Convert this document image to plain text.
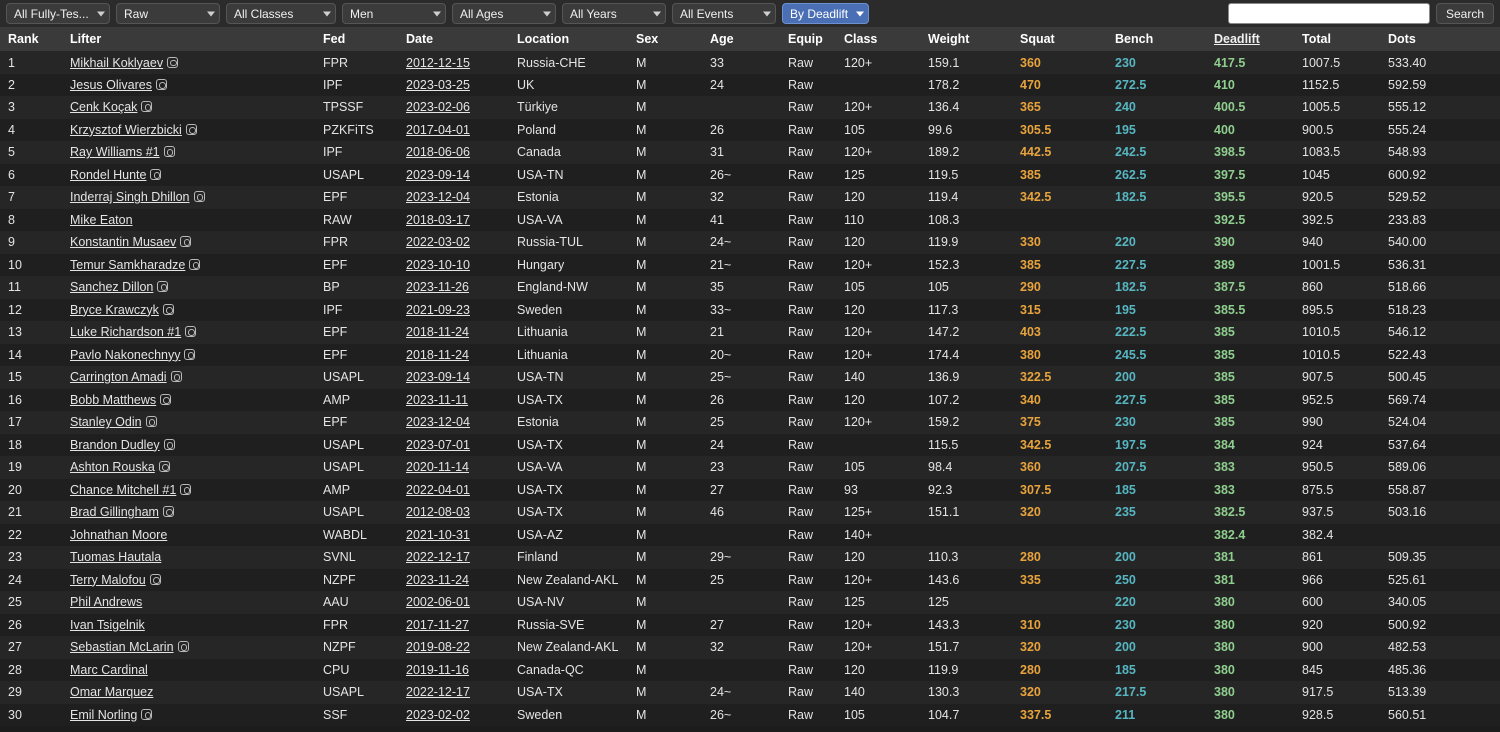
All Fully-Tes...	Raw	All Classes	Men	All Ages	All Years	All Events	By Deadlift	Search
Rank	Lifter	Fed	Date	Location	Sex	Age	Equip	Class	Weight	Squat	Bench	Deadlift	Total	Dots
1	Mikhail Koklyaev	FPR	2012-12-15	Russia-CHE	M	33	Raw	120+	159.1	360	230	417.5	1007.5	533.40
2	Jesus Olivares	IPF	2023-03-25	UK	M	24	Raw		178.2	470	272.5	410	1152.5	592.59
3	Cenk Koçak	TPSSF	2023-02-06	Türkiye	M		Raw	120+	136.4	365	240	400.5	1005.5	555.12
4	Krzysztof Wierzbicki	PZKFiTS	2017-04-01	Poland	M	26	Raw	105	99.6	305.5	195	400	900.5	555.24
5	Ray Williams #1	IPF	2018-06-06	Canada	M	31	Raw	120+	189.2	442.5	242.5	398.5	1083.5	548.93
6	Rondel Hunte	USAPL	2023-09-14	USA-TN	M	26~	Raw	125	119.5	385	262.5	397.5	1045	600.92
7	Inderraj Singh Dhillon	EPF	2023-12-04	Estonia	M	32	Raw	120	119.4	342.5	182.5	395.5	920.5	529.52
8	Mike Eaton	RAW	2018-03-17	USA-VA	M	41	Raw	110	108.3			392.5	392.5	233.83
9	Konstantin Musaev	FPR	2022-03-02	Russia-TUL	M	24~	Raw	120	119.9	330	220	390	940	540.00
10	Temur Samkharadze	EPF	2023-10-10	Hungary	M	21~	Raw	120+	152.3	385	227.5	389	1001.5	536.31
11	Sanchez Dillon	BP	2023-11-26	England-NW	M	35	Raw	105	105	290	182.5	387.5	860	518.66
12	Bryce Krawczyk	IPF	2021-09-23	Sweden	M	33~	Raw	120	117.3	315	195	385.5	895.5	518.23
13	Luke Richardson #1	EPF	2018-11-24	Lithuania	M	21	Raw	120+	147.2	403	222.5	385	1010.5	546.12
14	Pavlo Nakonechnyy	EPF	2018-11-24	Lithuania	M	20~	Raw	120+	174.4	380	245.5	385	1010.5	522.43
15	Carrington Amadi	USAPL	2023-09-14	USA-TN	M	25~	Raw	140	136.9	322.5	200	385	907.5	500.45
16	Bobb Matthews	AMP	2023-11-11	USA-TX	M	26	Raw	120	107.2	340	227.5	385	952.5	569.74
17	Stanley Odin	EPF	2023-12-04	Estonia	M	25	Raw	120+	159.2	375	230	385	990	524.04
18	Brandon Dudley	USAPL	2023-07-01	USA-TX	M	24	Raw		115.5	342.5	197.5	384	924	537.64
19	Ashton Rouska	USAPL	2020-11-14	USA-VA	M	23	Raw	105	98.4	360	207.5	383	950.5	589.06
20	Chance Mitchell #1	AMP	2022-04-01	USA-TX	M	27	Raw	93	92.3	307.5	185	383	875.5	558.87
21	Brad Gillingham	USAPL	2012-08-03	USA-TX	M	46	Raw	125+	151.1	320	235	382.5	937.5	503.16
22	Johnathan Moore	WABDL	2021-10-31	USA-AZ	M		Raw	140+				382.4	382.4	
23	Tuomas Hautala	SVNL	2022-12-17	Finland	M	29~	Raw	120	110.3	280	200	381	861	509.35
24	Terry Malofou	NZPF	2023-11-24	New Zealand-AKL	M	25	Raw	120+	143.6	335	250	381	966	525.61
25	Phil Andrews	AAU	2002-06-01	USA-NV	M		Raw	125	125		220	380	600	340.05
26	Ivan Tsigelnik	FPR	2017-11-27	Russia-SVE	M	27	Raw	120+	143.3	310	230	380	920	500.92
27	Sebastian McLarin	NZPF	2019-08-22	New Zealand-AKL	M	32	Raw	120+	151.7	320	200	380	900	482.53
28	Marc Cardinal	CPU	2019-11-16	Canada-QC	M		Raw	120	119.9	280	185	380	845	485.36
29	Omar Marquez	USAPL	2022-12-17	USA-TX	M	24~	Raw	140	130.3	320	217.5	380	917.5	513.39
30	Emil Norling	SSF	2023-02-02	Sweden	M	26~	Raw	105	104.7	337.5	211	380	928.5	560.51
